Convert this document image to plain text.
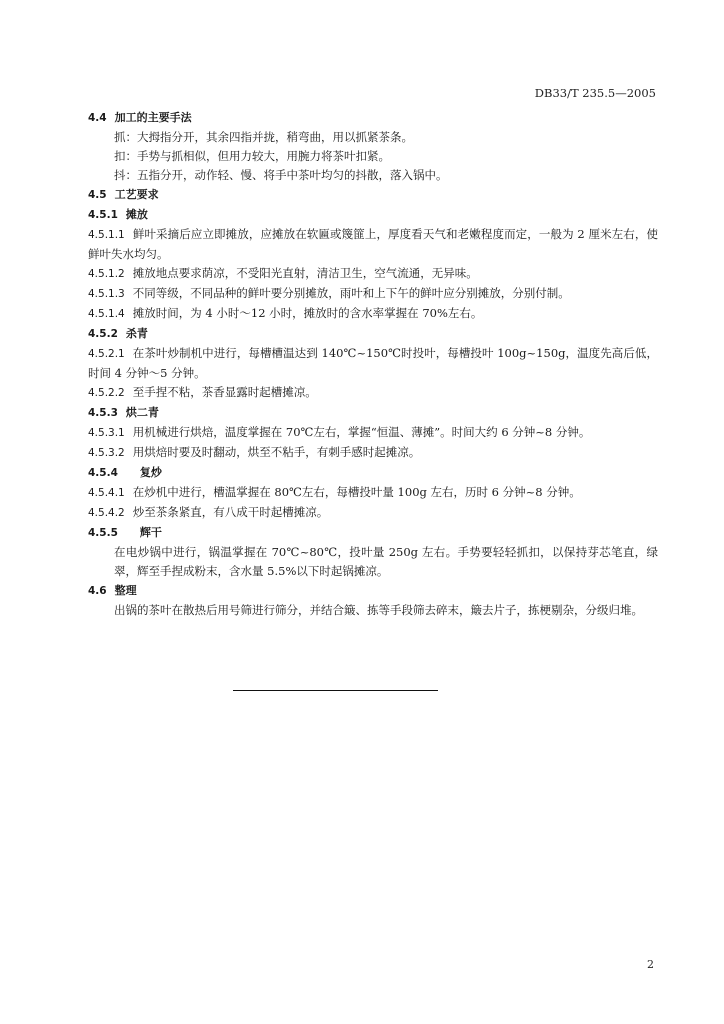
DB33/T 235.5—2005
4.4 加工的主要手法
抓：大拇指分开，其余四指并拢，稍弯曲，用以抓紧茶条。
扣：手势与抓相似，但用力较大，用腕力将茶叶扣紧。
抖：五指分开，动作轻、慢、将手中茶叶均匀的抖散，落入锅中。
4.5 工艺要求
4.5.1 摊放
4.5.1.1 鲜叶采摘后应立即摊放，应摊放在软匾或篾篚上，厚度看天气和老嫩程度而定，一般为 2 厘米左右，使鲜叶失水均匀。
4.5.1.2 摊放地点要求荫凉，不受阳光直射，清洁卫生，空气流通，无异味。
4.5.1.3 不同等级，不同品种的鲜叶要分别摊放，雨叶和上下午的鲜叶应分别摊放，分别付制。
4.5.1.4 摊放时间，为 4 小时～12 小时，摊放时的含水率掌握在 70%左右。
4.5.2 杀青
4.5.2.1 在茶叶炒制机中进行，每槽槽温达到 140℃~150℃时投叶，每槽投叶 100g~150g，温度先高后低，时间 4 分钟～5 分钟。
4.5.2.2 至手捏不粘，茶香显露时起槽摊凉。
4.5.3 烘二青
4.5.3.1 用机械进行烘焙，温度掌握在 70℃左右，掌握“恒温、薄摊”。时间大约 6 分钟~8 分钟。
4.5.3.2 用烘焙时要及时翻动，烘至不粘手，有刺手感时起摊凉。
4.5.4 复炒
4.5.4.1 在炒机中进行，槽温掌握在 80℃左右，每槽投叶量 100g 左右，历时 6 分钟~8 分钟。
4.5.4.2 炒至茶条紧直，有八成干时起槽摊凉。
4.5.5 辉干
在电炒锅中进行，锅温掌握在 70℃~80℃，投叶量 250g 左右。手势要轻轻抓扣，以保持芽芯笔直，绿翠，辉至手捏成粉末，含水量 5.5%以下时起锅摊凉。
4.6 整理
出锅的茶叶在散热后用号筛进行筛分，并结合簸、拣等手段筛去碎末，簸去片子，拣梗剔杂，分级归堆。
2
